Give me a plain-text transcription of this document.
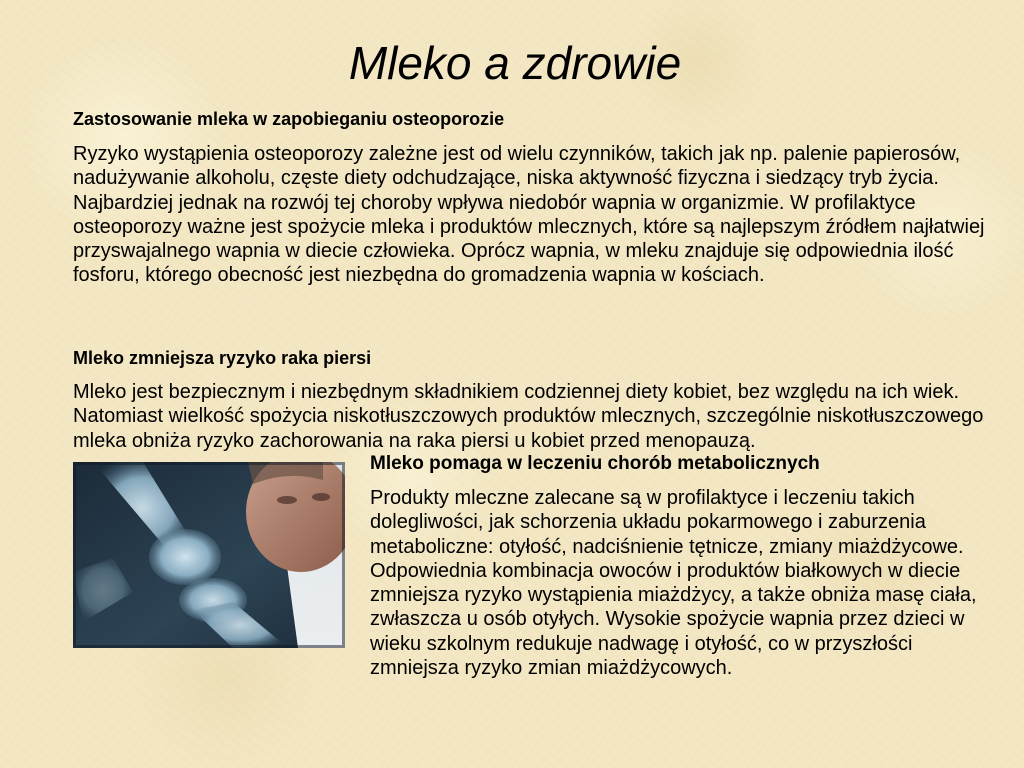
Mleko a zdrowie

Zastosowanie mleka w zapobieganiu osteoporozie

Ryzyko wystąpienia osteoporozy zależne jest od wielu czynników, takich jak np. palenie papierosów, nadużywanie alkoholu, częste diety odchudzające, niska aktywność fizyczna i siedzący tryb życia. Najbardziej jednak na rozwój tej choroby wpływa niedobór wapnia w organizmie. W profilaktyce osteoporozy ważne jest spożycie mleka i produktów mlecznych, które są najlepszym źródłem najłatwiej przyswajalnego wapnia w diecie człowieka. Oprócz wapnia, w mleku znajduje się odpowiednia ilość fosforu, którego obecność jest niezbędna do gromadzenia wapnia w kościach.

Mleko zmniejsza ryzyko raka piersi

Mleko jest bezpiecznym i niezbędnym składnikiem codziennej diety kobiet, bez względu na ich wiek. Natomiast wielkość spożycia niskotłuszczowych produktów mlecznych, szczególnie niskotłuszczowego mleka obniża ryzyko zachorowania na raka piersi u kobiet przed menopauzą.

Mleko pomaga w leczeniu chorób metabolicznych

Produkty mleczne zalecane są w profilaktyce i leczeniu takich dolegliwości, jak schorzenia układu pokarmowego i zaburzenia metaboliczne: otyłość, nadciśnienie tętnicze, zmiany miażdżycowe. Odpowiednia kombinacja owoców i produktów białkowych w diecie zmniejsza ryzyko wystąpienia miażdżycy, a także obniża masę ciała, zwłaszcza u osób otyłych. Wysokie spożycie wapnia przez dzieci w wieku szkolnym redukuje nadwagę i otyłość, co w przyszłości zmniejsza ryzyko zmian miażdżycowych.
